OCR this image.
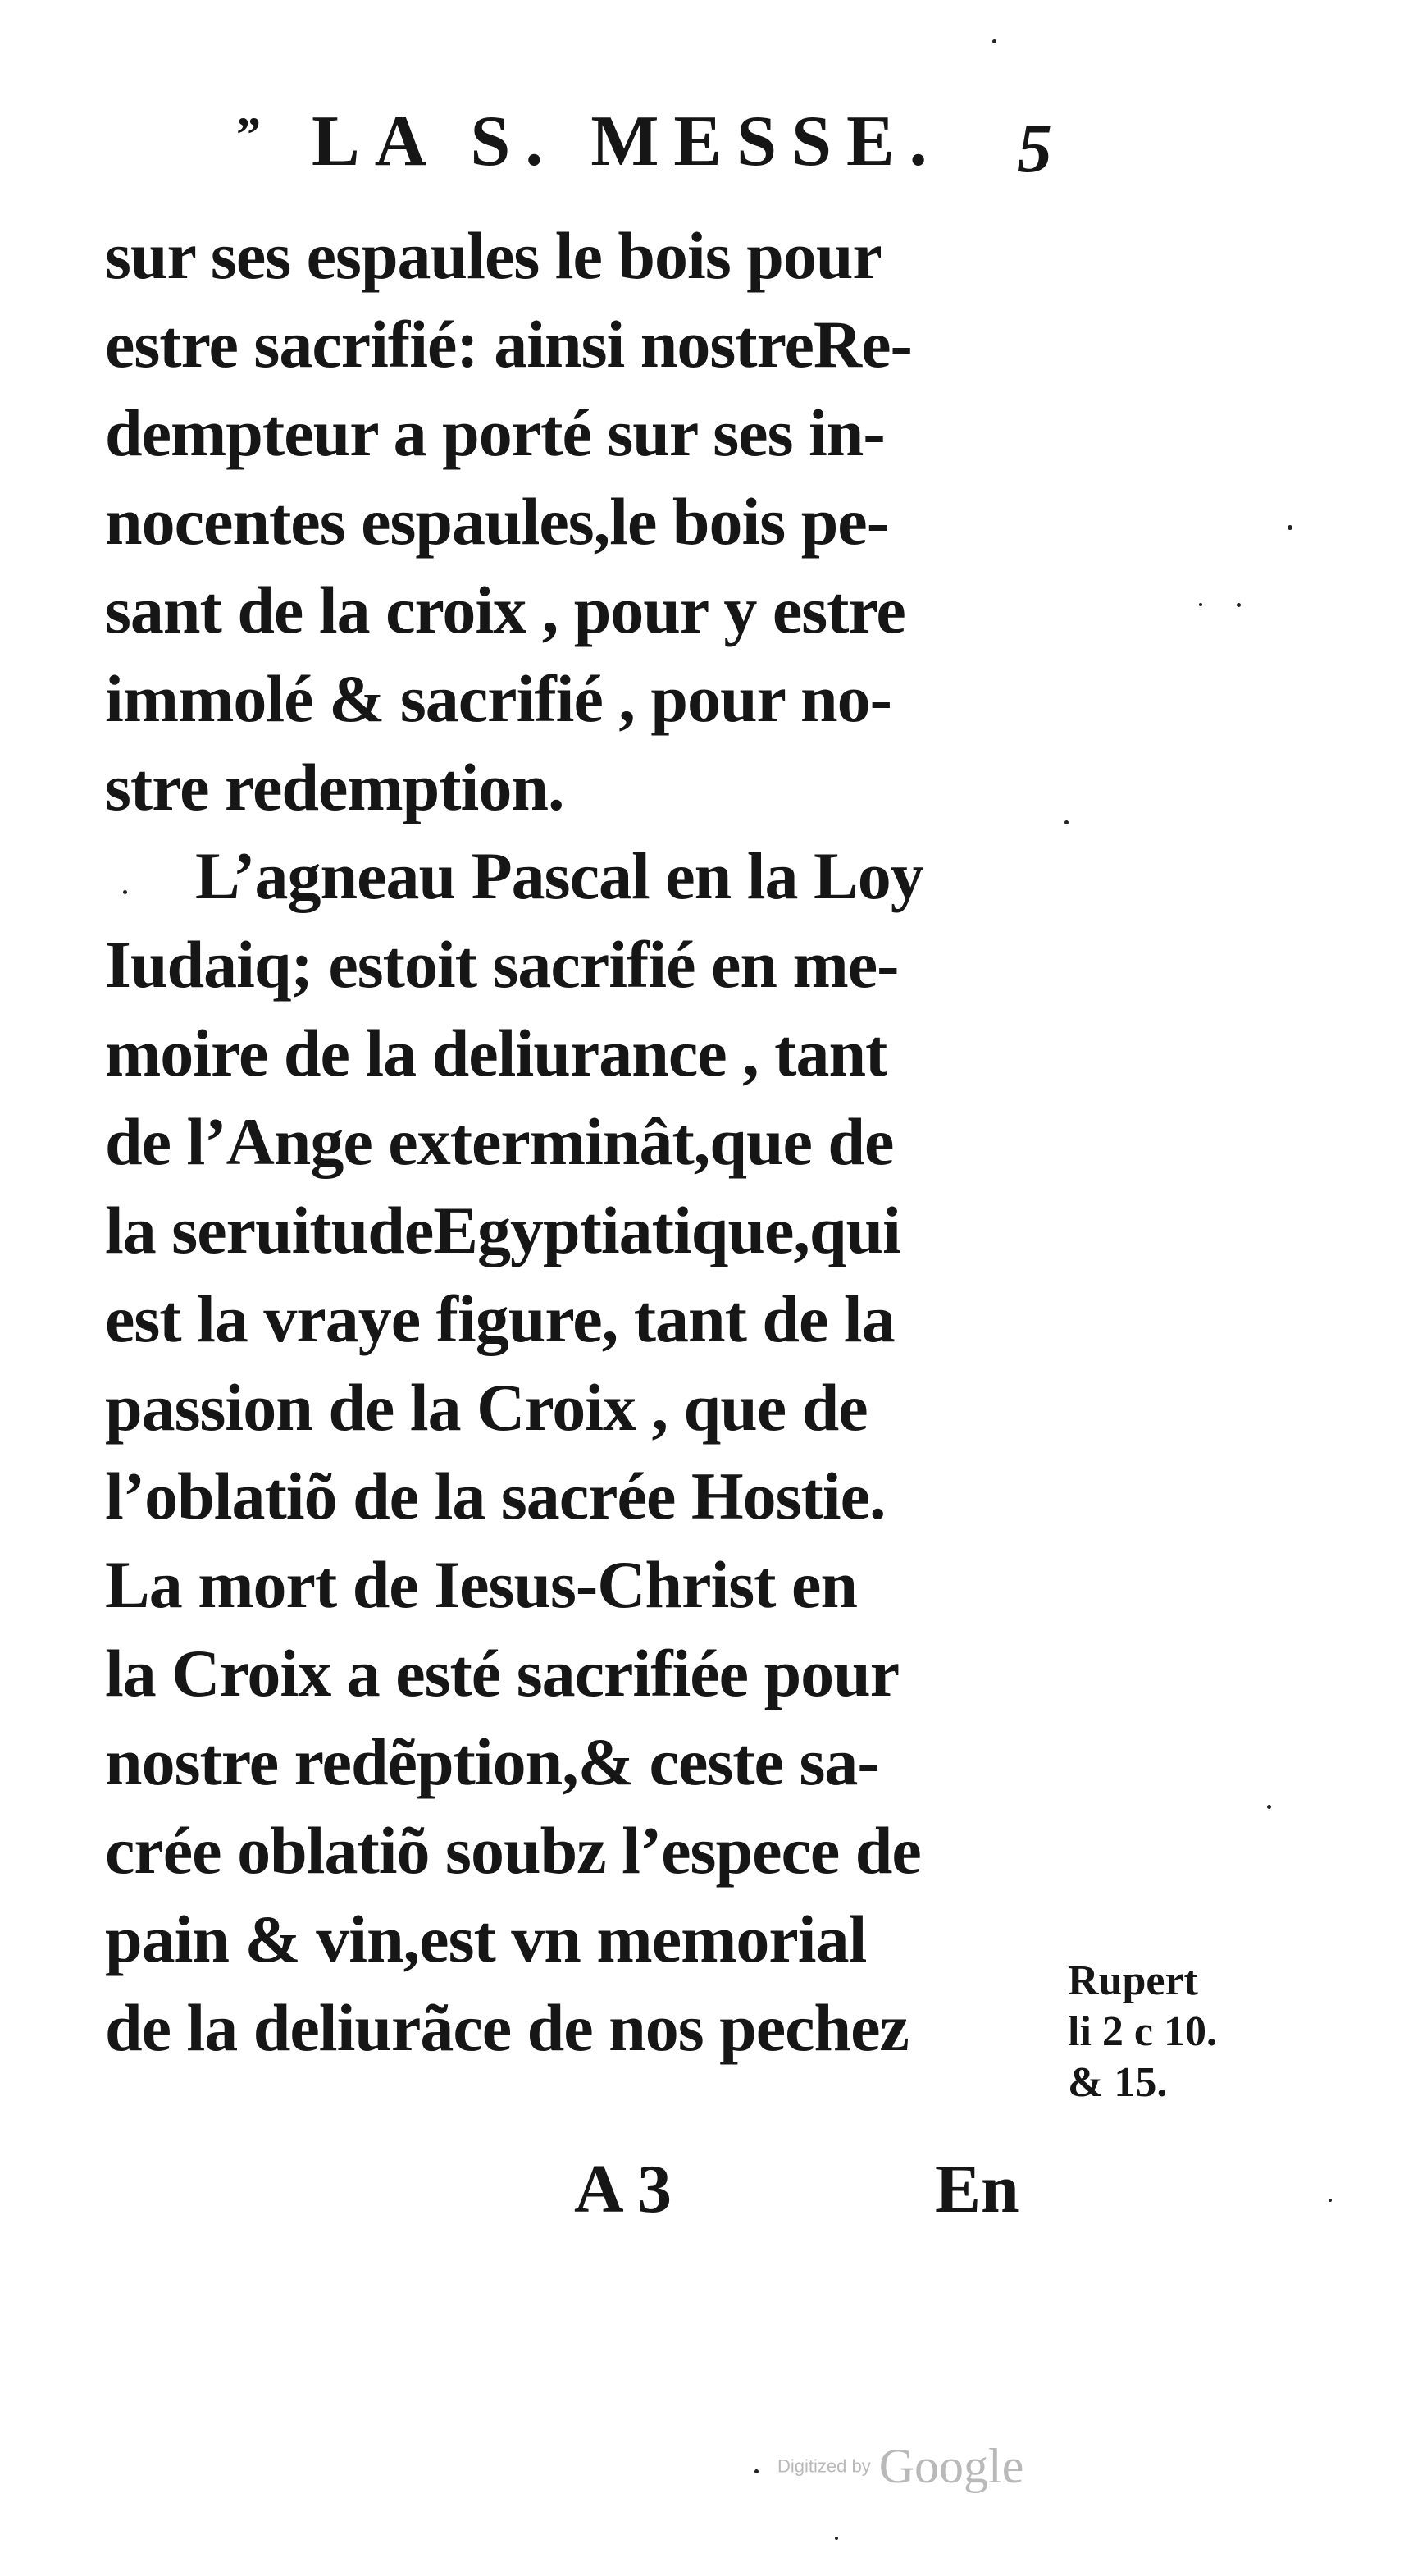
” LA S. MESSE. 5
sur ses espaules le bois pour
estre sacrifié: ainsi nostreRe-
dempteur a porté sur ses in-
nocentes espaules,le bois pe-
sant de la croix , pour y estre
immolé & sacrifié , pour no-
stre redemption.
L’agneau Pascal en la Loy
Iudaiq; estoit sacrifié en me-
moire de la deliurance , tant
de l’Ange exterminât,que de
la seruitudeEgyptiatique,qui
est la vraye figure, tant de la
passion de la Croix , que de
l’oblatiõ de la sacrée Hostie.
La mort de Iesus-Christ en
la Croix a esté sacrifiée pour
nostre redẽption,& ceste sa-
crée oblatiõ soubz l’espece de
pain & vin,est vn memorial
de la deliurãce de nos pechez
Rupert
li 2 c 10.
& 15.
A 3	En
Digitized by Google
